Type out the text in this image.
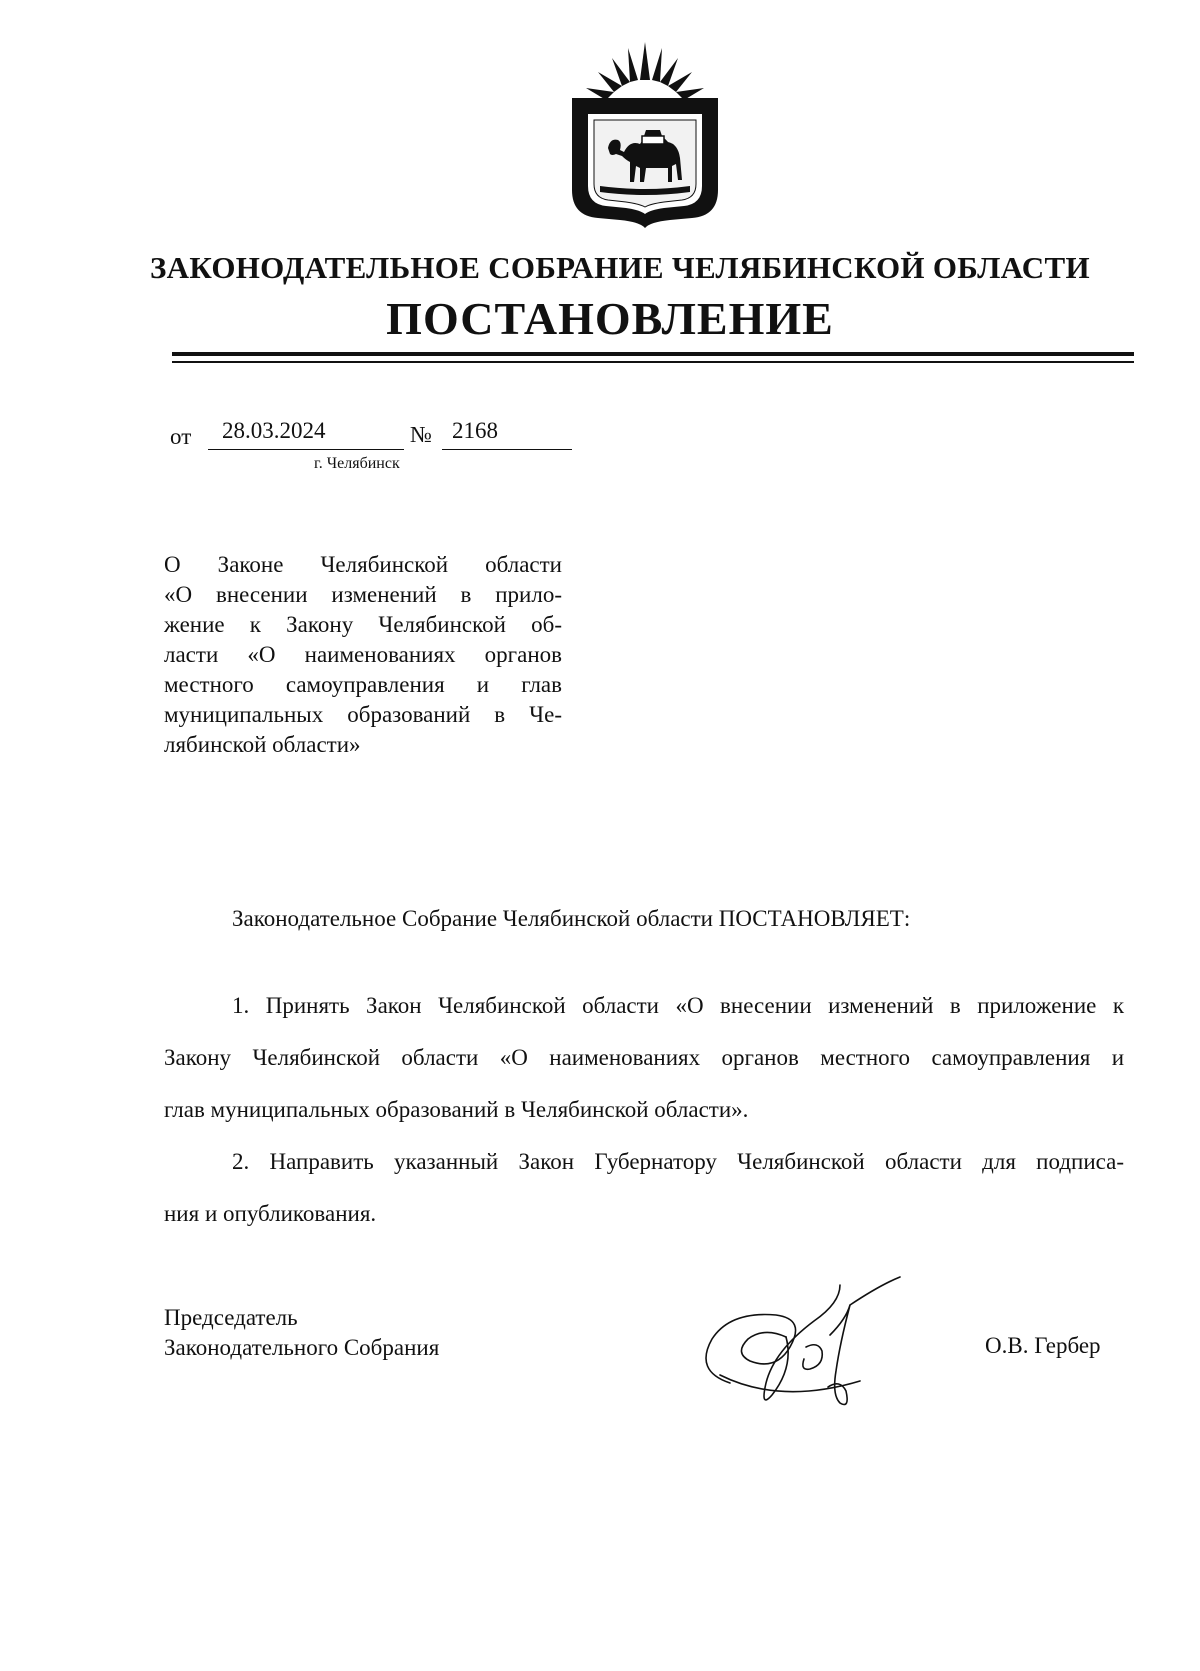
ЗАКОНОДАТЕЛЬНОЕ СОБРАНИЕ ЧЕЛЯБИНСКОЙ ОБЛАСТИ
ПОСТАНОВЛЕНИЕ
от	28.03.2024	№ 2168
г. Челябинск
О Законе Челябинской области
«О внесении изменений в прило-
жение к Закону Челябинской об-
ласти «О наименованиях органов
местного самоуправления и глав
муниципальных образований в Че-
лябинской области»
Законодательное Собрание Челябинской области ПОСТАНОВЛЯЕТ:
1. Принять Закон Челябинской области «О внесении изменений в приложение к
Закону Челябинской области «О наименованиях органов местного самоуправления и
глав муниципальных образований в Челябинской области».
2. Направить указанный Закон Губернатору Челябинской области для подписа-
ния и опубликования.
Председатель
Законодательного Собрания	О.В. Гербер
